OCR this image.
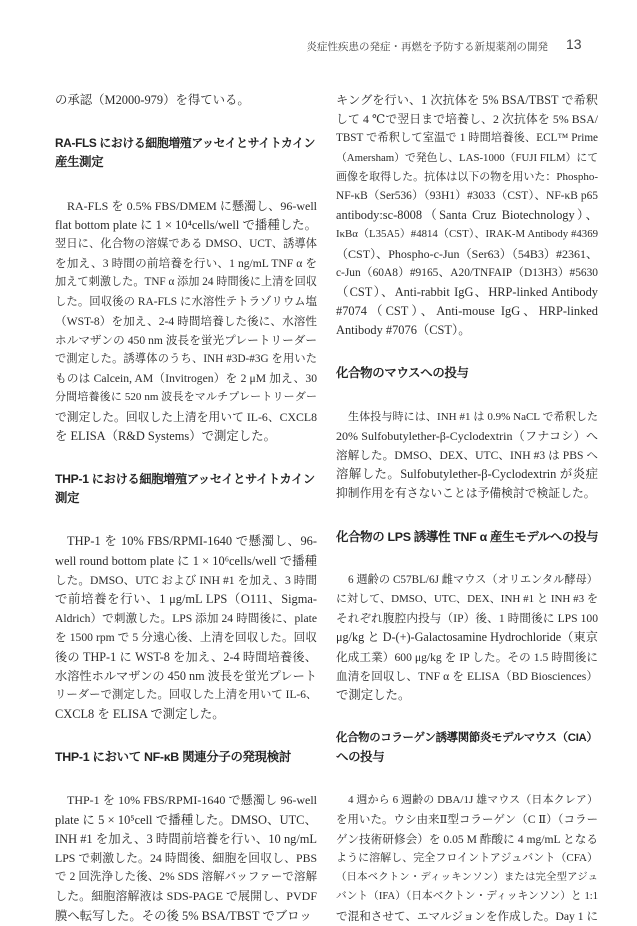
炎症性疾患の発症・再燃を予防する新規薬剤の開発 13
の承認（M2000-979）を得ている。
RA-FLS における細胞増殖アッセイとサイトカイン
産生測定
RA-FLS を 0.5% FBS/DMEM に懸濁し、96-well
flat bottom plate に 1 × 10⁴cells/well で播種した。
翌日に、化合物の溶媒である DMSO、UCT、誘導体
を加え、3 時間の前培養を行い、1 ng/mL TNF α を
加えて刺激した。TNF α 添加 24 時間後に上清を回収
した。回収後の RA-FLS に水溶性テトラゾリウム塩
（WST-8）を加え、2-4 時間培養した後に、水溶性
ホルマザンの 450 nm 波長を蛍光プレートリーダー
で測定した。誘導体のうち、INH #3D-#3G を用いた
ものは Calcein, AM（Invitrogen）を 2 μM 加え、30
分間培養後に 520 nm 波長をマルチプレートリーダー
で測定した。回収した上清を用いて IL-6、CXCL8
を ELISA（R&D Systems）で測定した。
THP-1 における細胞増殖アッセイとサイトカイン
測定
THP-1 を 10% FBS/RPMI-1640 で懸濁し、96-
well round bottom plate に 1 × 10⁶cells/well で播種
した。DMSO、UTC および INH #1 を加え、3 時間
で前培養を行い、1 μg/mL LPS（O111、Sigma-
Aldrich）で刺激した。LPS 添加 24 時間後に、plate
を 1500 rpm で 5 分遠心後、上清を回収した。回収
後の THP-1 に WST-8 を加え、2-4 時間培養後、
水溶性ホルマザンの 450 nm 波長を蛍光プレート
リーダーで測定した。回収した上清を用いて IL-6、
CXCL8 を ELISA で測定した。
THP-1 において NF-κB 関連分子の発現検討
THP-1 を 10% FBS/RPMI-1640 で懸濁し 96-well
plate に 5 × 10⁵cell で播種した。DMSO、UTC、
INH #1 を加え、3 時間前培養を行い、10 ng/mL
LPS で刺激した。24 時間後、細胞を回収し、PBS
で 2 回洗浄した後、2% SDS 溶解バッファーで溶解
した。細胞溶解液は SDS-PAGE で展開し、PVDF
膜へ転写した。その後 5% BSA/TBST でブロッ
キングを行い、1 次抗体を 5% BSA/TBST で希釈
して 4 ℃で翌日まで培養し、2 次抗体を 5% BSA/
TBST で希釈して室温で 1 時間培養後、ECL™ Prime
（Amersham）で発色し、LAS-1000（FUJI FILM）にて
画像を取得した。抗体は以下の物を用いた：Phospho-
NF-κB（Ser536）（93H1）#3033（CST）、NF-κB p65
antibody:sc-8008（Santa Cruz Biotechnology）、
IκBα（L35A5）#4814（CST）、IRAK-M Antibody #4369
（CST）、Phospho-c-Jun（Ser63）（54B3）#2361、
c-Jun（60A8）#9165、A20/TNFAIP（D13H3）#5630
（CST）、Anti-rabbit IgG、HRP-linked Antibody
#7074（CST）、Anti-mouse IgG、HRP-linked
Antibody #7076（CST）。
化合物のマウスへの投与
生体投与時には、INH #1 は 0.9% NaCL で希釈した
20% Sulfobutylether-β-Cyclodextrin（フナコシ）へ
溶解した。DMSO、DEX、UTC、INH #3 は PBS へ
溶解した。Sulfobutylether-β-Cyclodextrin が炎症
抑制作用を有さないことは予備検討で検証した。
化合物の LPS 誘導性 TNF α 産生モデルへの投与
6 週齢の C57BL/6J 雌マウス（オリエンタル酵母）
に対して、DMSO、UTC、DEX、INH #1 と INH #3 を
それぞれ腹腔内投与（IP）後、1 時間後に LPS 100
μg/kg と D-(+)-Galactosamine Hydrochloride（東京
化成工業）600 μg/kg を IP した。その 1.5 時間後に
血清を回収し、TNF α を ELISA（BD Biosciences）
で測定した。
化合物のコラーゲン誘導関節炎モデルマウス（CIA）
への投与
4 週から 6 週齢の DBA/1J 雄マウス（日本クレア）
を用いた。ウシ由来Ⅱ型コラーゲン（C Ⅱ）（コラー
ゲン技術研修会）を 0.05 M 酢酸に 4 mg/mL となる
ように溶解し、完全フロイントアジュバント（CFA）
（日本ベクトン・ディッキンソン）または完全型アジュ
バント（IFA）（日本ベクトン・ディッキンソン）と 1:1
で混和させて、エマルジョンを作成した。Day 1 に
